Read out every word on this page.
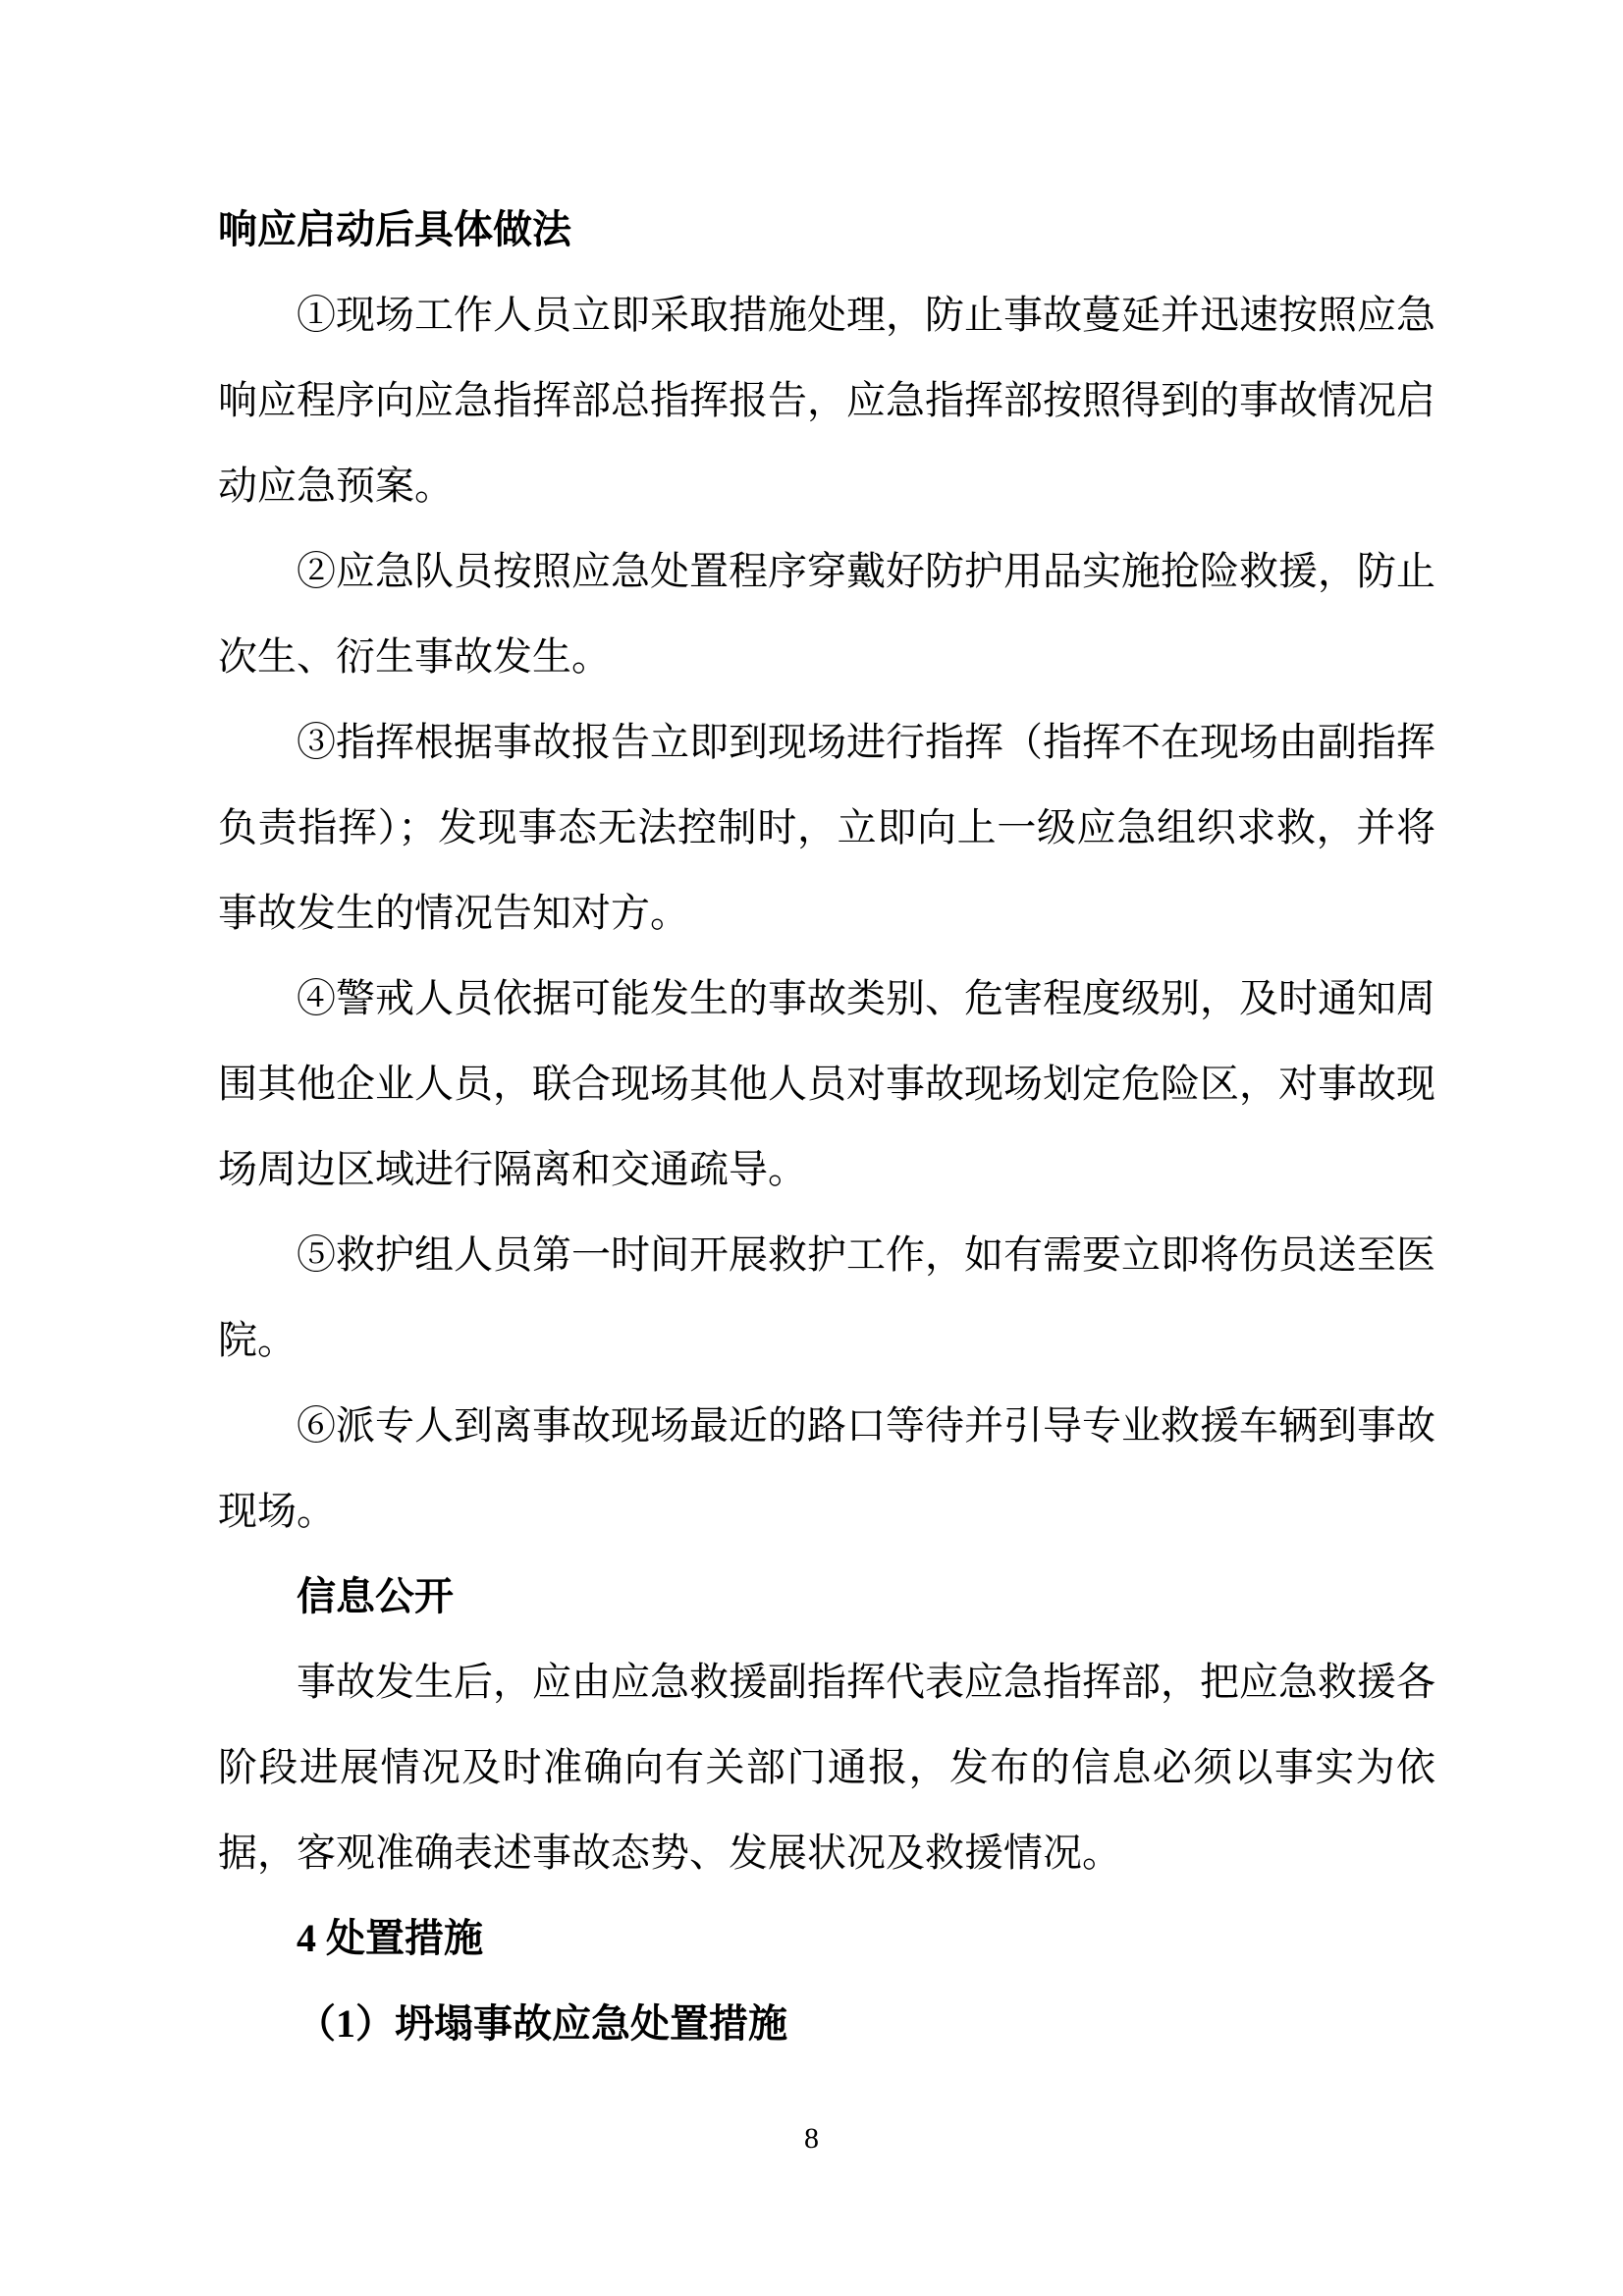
响应启动后具体做法

①现场工作人员立即采取措施处理，防止事故蔓延并迅速按照应急响应程序向应急指挥部总指挥报告，应急指挥部按照得到的事故情况启动应急预案。

②应急队员按照应急处置程序穿戴好防护用品实施抢险救援，防止次生、衍生事故发生。

③指挥根据事故报告立即到现场进行指挥（指挥不在现场由副指挥负责指挥）；发现事态无法控制时，立即向上一级应急组织求救，并将事故发生的情况告知对方。

④警戒人员依据可能发生的事故类别、危害程度级别，及时通知周围其他企业人员，联合现场其他人员对事故现场划定危险区，对事故现场周边区域进行隔离和交通疏导。

⑤救护组人员第一时间开展救护工作，如有需要立即将伤员送至医院。

⑥派专人到离事故现场最近的路口等待并引导专业救援车辆到事故现场。

信息公开

事故发生后，应由应急救援副指挥代表应急指挥部，把应急救援各阶段进展情况及时准确向有关部门通报，发布的信息必须以事实为依据，客观准确表述事故态势、发展状况及救援情况。

4 处置措施

（1）坍塌事故应急处置措施

8
